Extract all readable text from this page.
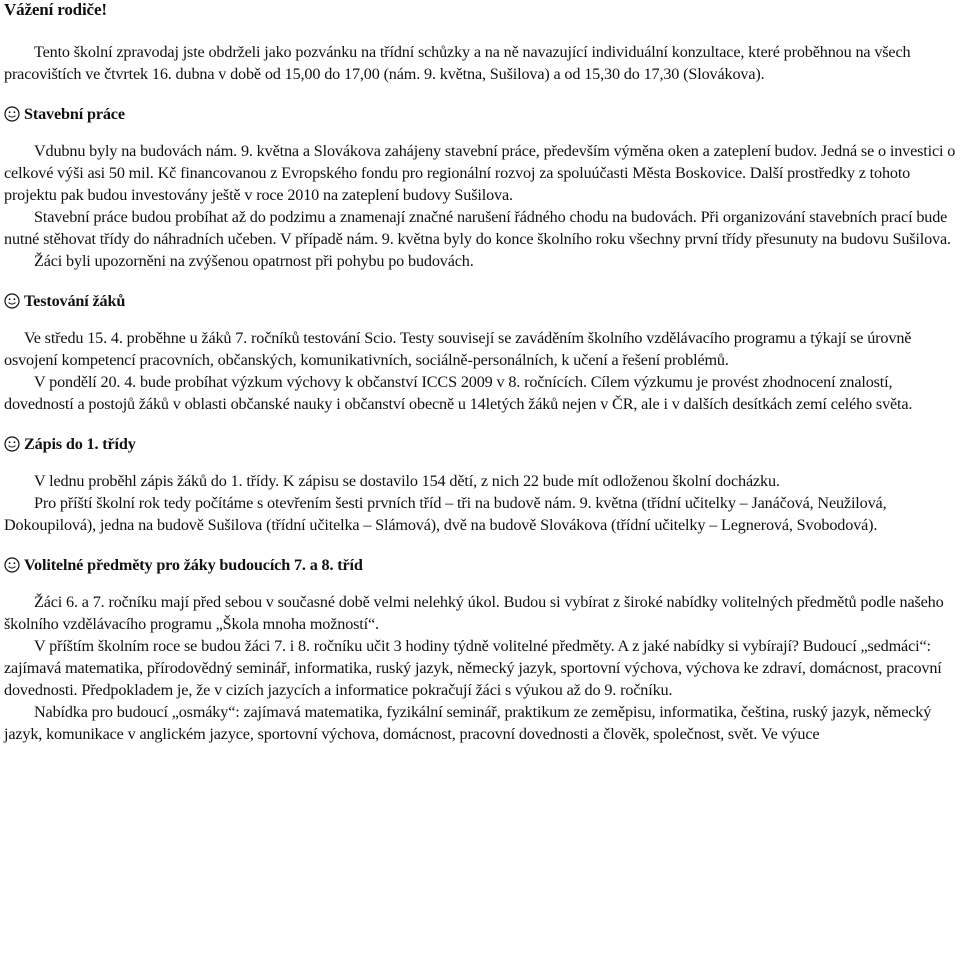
Vážení rodiče!

Tento školní zpravodaj jste obdrželi jako pozvánku na třídní schůzky a na ně navazující individuální konzultace, které proběhnou na všech pracovištích ve čtvrtek 16. dubna v době od 15,00 do 17,00 (nám. 9. května, Sušilova) a od 15,30 do 17,30 (Slovákova).

Stavební práce

Vdubnu byly na budovách nám. 9. května a Slovákova zahájeny stavební práce, především výměna oken a zateplení budov. Jedná se o investici o celkové výši asi 50 mil. Kč financovanou z Evropského fondu pro regionální rozvoj za spoluúčasti Města Boskovice. Další prostředky z tohoto projektu pak budou investovány ještě v roce 2010 na zateplení budovy Sušilova.

Stavební práce budou probíhat až do podzimu a znamenají značné narušení řádného chodu na budovách. Při organizování stavebních prací bude nutné stěhovat třídy do náhradních učeben. V případě nám. 9. května byly do konce školního roku všechny první třídy přesunuty na budovu Sušilova.

Žáci byli upozorněni na zvýšenou opatrnost při pohybu po budovách.

Testování žáků

Ve středu 15. 4. proběhne u žáků 7. ročníků testování Scio. Testy souvisejí se zaváděním školního vzdělávacího programu a týkají se úrovně osvojení kompetencí pracovních, občanských, komunikativních, sociálně-personálních, k učení a řešení problémů.

V pondělí 20. 4. bude probíhat výzkum výchovy k občanství ICCS 2009 v 8. ročnících. Cílem výzkumu je provést zhodnocení znalostí, dovedností a postojů žáků v oblasti občanské nauky i občanství obecně u 14letých žáků nejen v ČR, ale i v dalších desítkách zemí celého světa.

Zápis do 1. třídy

V lednu proběhl zápis žáků do 1. třídy. K zápisu se dostavilo 154 dětí, z nich 22 bude mít odloženou školní docházku.

Pro příští školní rok tedy počítáme s otevřením šesti prvních tříd – tři na budově nám. 9. května (třídní učitelky – Janáčová, Neužilová, Dokoupilová), jedna na budově Sušilova (třídní učitelka – Slámová), dvě na budově Slovákova (třídní učitelky – Legnerová, Svobodová).

Volitelné předměty pro žáky budoucích 7. a 8. tříd

Žáci 6. a 7. ročníku mají před sebou v současné době velmi nelehký úkol. Budou si vybírat z široké nabídky volitelných předmětů podle našeho školního vzdělávacího programu „Škola mnoha možností“.

V příštím školním roce se budou žáci 7. i 8. ročníku učit 3 hodiny týdně volitelné předměty. A z jaké nabídky si vybírají? Budoucí „sedmáci“: zajímavá matematika, přírodovědný seminář, informatika, ruský jazyk, německý jazyk, sportovní výchova, výchova ke zdraví, domácnost, pracovní dovednosti. Předpokladem je, že v cizích jazycích a informatice pokračují žáci s výukou až do 9. ročníku.

Nabídka pro budoucí „osmáky“: zajímavá matematika, fyzikální seminář, praktikum ze zeměpisu, informatika, čeština, ruský jazyk, německý jazyk, komunikace v anglickém jazyce, sportovní výchova, domácnost, pracovní dovednosti a člověk, společnost, svět. Ve výuce
